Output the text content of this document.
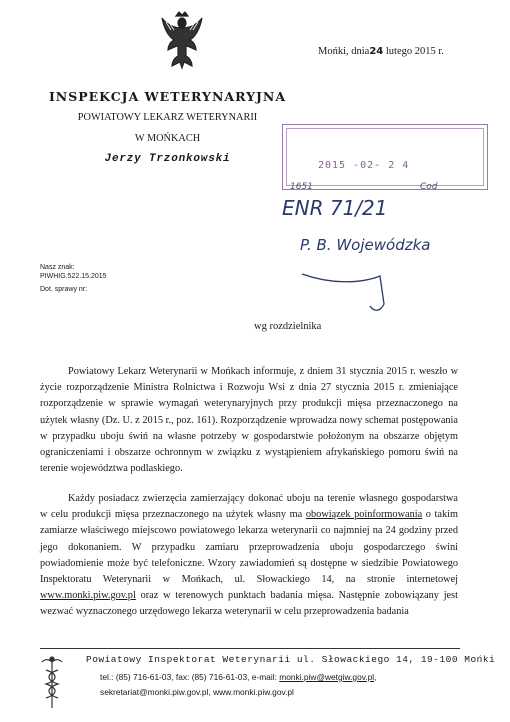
Mońki, dnia24 lutego 2015 r.
INSPEKCJA WETERYNARYJNA
POWIATOWY LEKARZ WETERYNARII
W MOŃKACH
Jerzy Trzonkowski
2015 -02- 2 4
1651	Cod
ENR 71/21
P. B. Wojewódzka
Nasz znak:
PIWHIG.522.15.2015
Dot. sprawy nr:
wg rozdzielnika
Powiatowy Lekarz Weterynarii w Mońkach informuje, z dniem 31 stycznia 2015 r. weszło w życie rozporządzenie Ministra Rolnictwa i Rozwoju Wsi z dnia 27 stycznia 2015 r. zmieniające rozporządzenie w sprawie wymagań weterynaryjnych przy produkcji mięsa przeznaczonego na użytek własny (Dz. U. z 2015 r., poz. 161). Rozporządzenie wprowadza nowy schemat postępowania w przypadku uboju świń na własne potrzeby w gospodarstwie położonym na obszarze objętym ograniczeniami i obszarze ochronnym w związku z wystąpieniem afrykańskiego pomoru świń na terenie województwa podlaskiego.
Każdy posiadacz zwierzęcia zamierzający dokonać uboju na terenie własnego gospodarstwa w celu produkcji mięsa przeznaczonego na użytek własny ma obowiązek poinformowania o takim zamiarze właściwego miejscowo powiatowego lekarza weterynarii co najmniej na 24 godziny przed jego dokonaniem. W przypadku zamiaru przeprowadzenia uboju gospodarczego świni powiadomienie może być telefoniczne. Wzory zawiadomień są dostępne w siedzibie Powiatowego Inspektoratu Weterynarii w Mońkach, ul. Słowackiego 14, na stronie internetowej www.monki.piw.gov.pl oraz w terenowych punktach badania mięsa. Następnie zobowiązany jest wezwać wyznaczonego urzędowego lekarza weterynarii w celu przeprowadzenia badania
Powiatowy Inspektorat Weterynarii ul. Słowackiego 14, 19-100 Mońki
tel.: (85) 716-61-03, fax: (85) 716-61-03, e-mail: monki.piw@wetgiw.gov.pl,
sekretariat@monki.piw.gov.pl, www.monki.piw.gov.pl
